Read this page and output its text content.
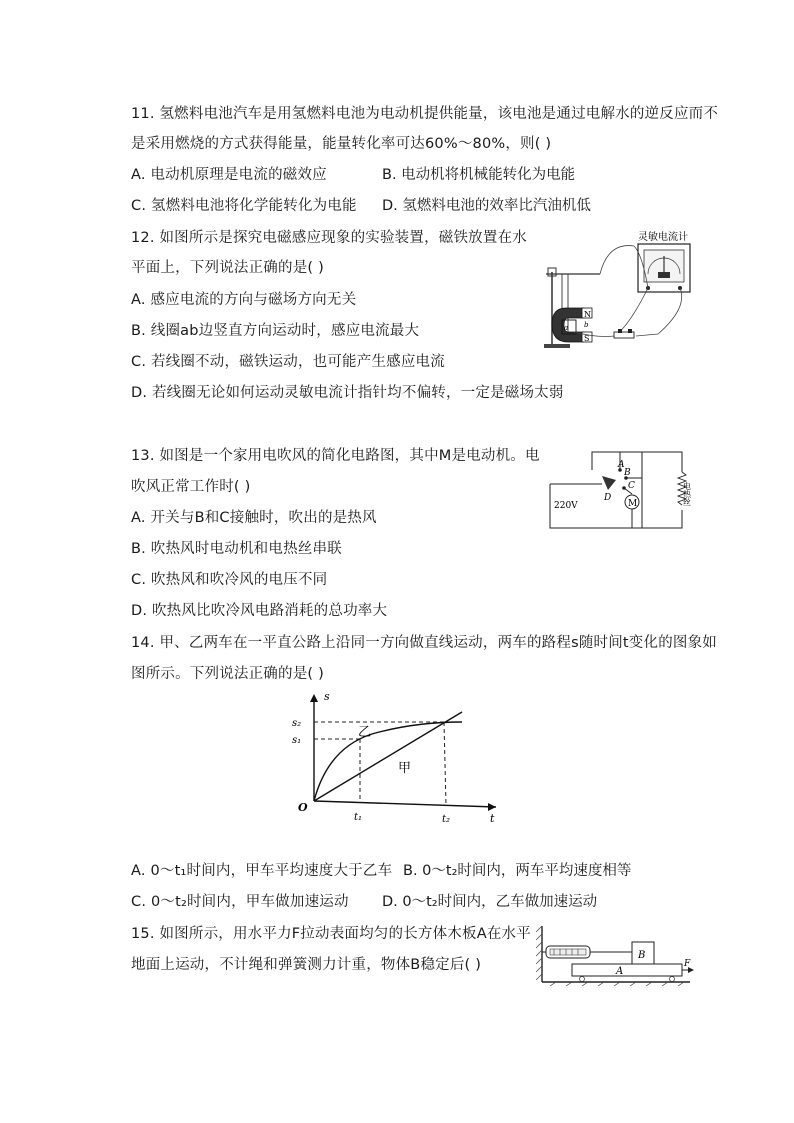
11. 氢燃料电池汽车是用氢燃料电池为电动机提供能量，该电池是通过电解水的逆反应而不
是采用燃烧的方式获得能量，能量转化率可达60%～80%，则( )
A. 电动机原理是电流的磁效应	B. 电动机将机械能转化为电能
C. 氢燃料电池将化学能转化为电能 D. 氢燃料电池的效率比汽油机低
12. 如图所示是探究电磁感应现象的实验装置，磁铁放置在水
平面上，下列说法正确的是( )
A. 感应电流的方向与磁场方向无关
B. 线圈ab边竖直方向运动时，感应电流最大
C. 若线圈不动，磁铁运动，也可能产生感应电流
D. 若线圈无论如何运动灵敏电流计指针均不偏转，一定是磁场太弱
灵敏电流计
N
S
a b
13. 如图是一个家用电吹风的简化电路图，其中M是电动机。电
吹风正常工作时( )
A. 开关与B和C接触时，吹出的是热风
B. 吹热风时电动机和电热丝串联
C. 吹热风和吹冷风的电压不同
D. 吹热风比吹冷风电路消耗的总功率大
电热丝
M
A
B
C
D
220V
14. 甲、乙两车在一平直公路上沿同一方向做直线运动，两车的路程s随时间t变化的图象如
图所示。下列说法正确的是( )
s
t
O
s₂
s₁
t₁	t₂
乙
甲
A. 0～t₁时间内，甲车平均速度大于乙车 B. 0～t₂时间内，两车平均速度相等
C. 0～t₂时间内，甲车做加速运动 D. 0～t₂时间内，乙车做加速运动
15. 如图所示，用水平力F拉动表面均匀的长方体木板A在水平
地面上运动，不计绳和弹簧测力计重，物体B稳定后( )
B
A
F
